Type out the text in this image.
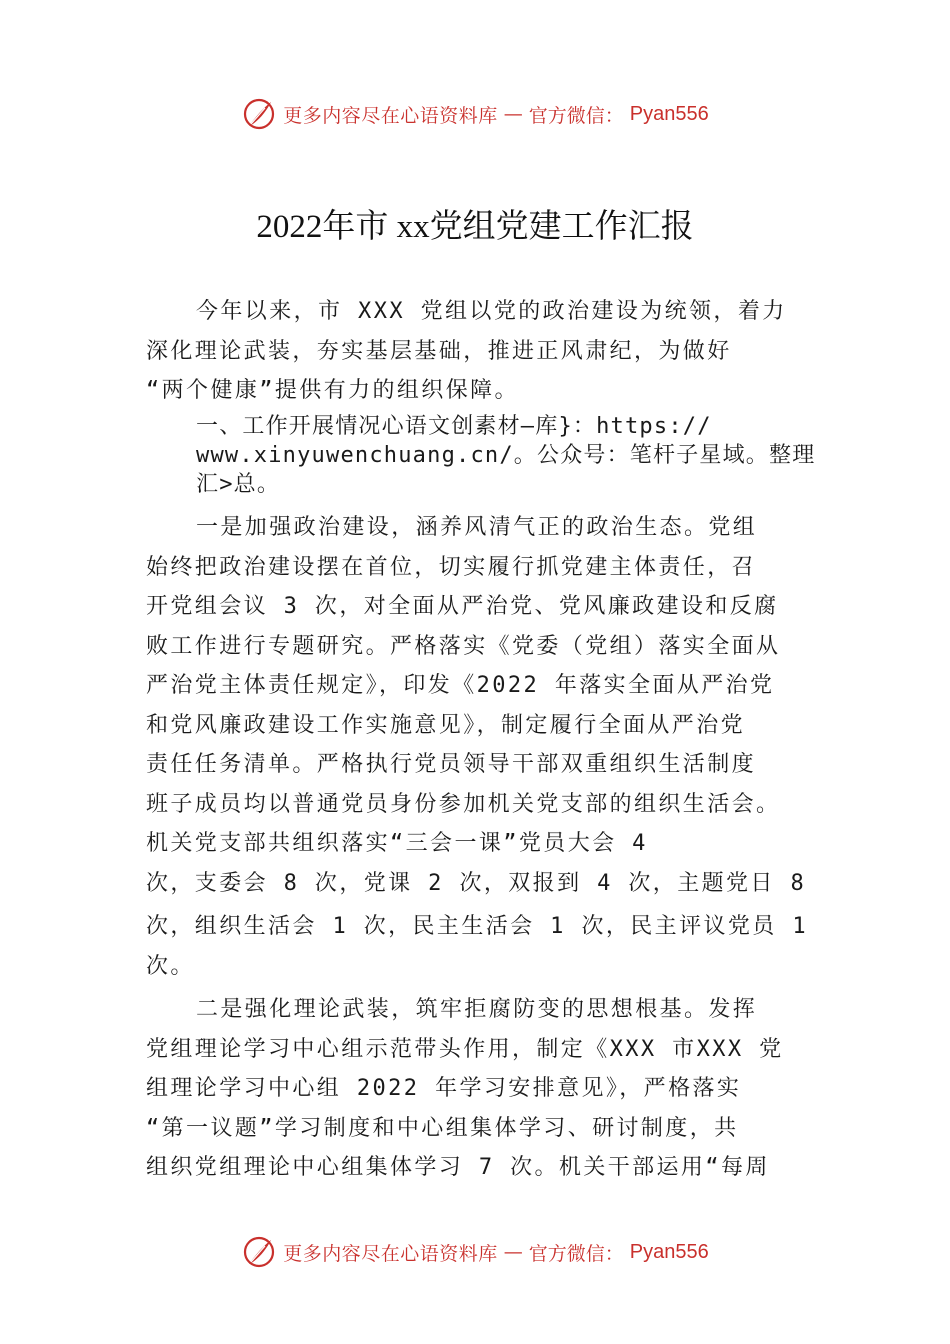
更多内容尽在心语资料库 — 官方微信： Pyan556
2022年市 xx党组党建工作汇报

今年以来，市 XXX 党组以党的政治建设为统领，着力
深化理论武装，夯实基层基础，推进正风肃纪，为做好
“两个健康”提供有力的组织保障。

一、工作开展情况心语文创素材—库}：https://
www.xinyuwenchuang.cn/。公众号：笔杆子星域。整理
汇>总。
一是加强政治建设，涵养风清气正的政治生态。党组
始终把政治建设摆在首位，切实履行抓党建主体责任，召
开党组会议 3 次，对全面从严治党、党风廉政建设和反腐
败工作进行专题研究。严格落实《党委（党组）落实全面从
严治党主体责任规定》，印发《2022 年落实全面从严治党
和党风廉政建设工作实施意见》，制定履行全面从严治党
责任任务清单。严格执行党员领导干部双重组织生活制度
班子成员均以普通党员身份参加机关党支部的组织生活会。
机关党支部共组织落实“三会一课”党员大会 4
次，支委会 8 次，党课 2 次，双报到 4 次，主题党日 8
次，组织生活会 1 次，民主生活会 1 次，民主评议党员 1
次。
二是强化理论武装，筑牢拒腐防变的思想根基。发挥
党组理论学习中心组示范带头作用，制定《XXX 市XXX 党
组理论学习中心组 2022 年学习安排意见》，严格落实
“第一议题”学习制度和中心组集体学习、研讨制度，共
组织党组理论中心组集体学习 7 次。机关干部运用“每周
更多内容尽在心语资料库 — 官方微信： Pyan556
